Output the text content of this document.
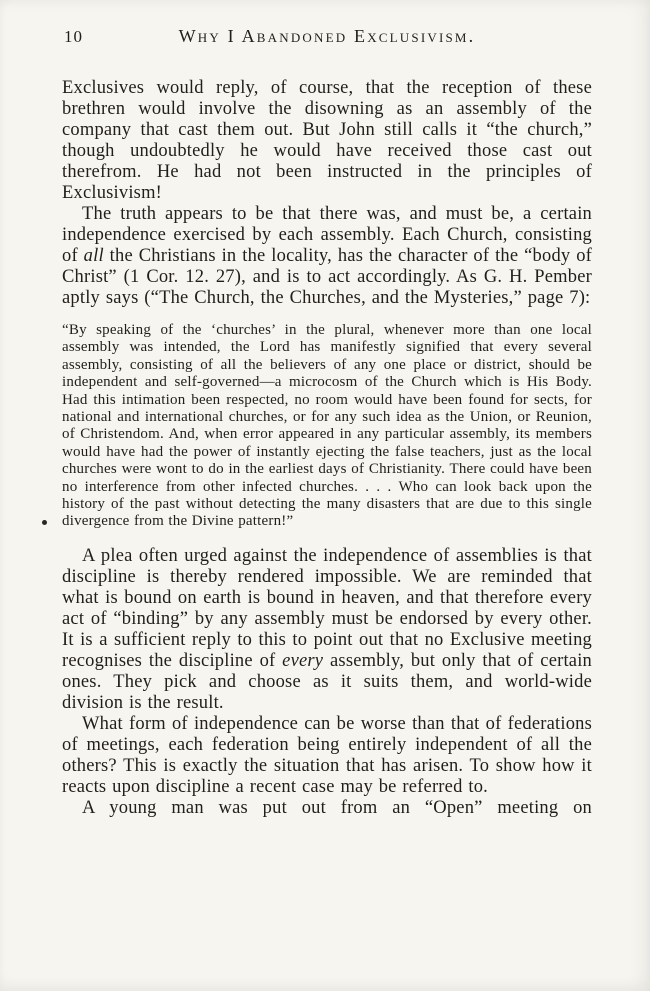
10	Why I Abandoned Exclusivism.

Exclusives would reply, of course, that the reception of these brethren would involve the disowning as an assembly of the company that cast them out. But John still calls it “the church,” though undoubtedly he would have received those cast out therefrom. He had not been instructed in the principles of Exclusivism!

The truth appears to be that there was, and must be, a certain independence exercised by each assembly. Each Church, consisting of all the Christians in the locality, has the character of the “body of Christ” (1 Cor. 12. 27), and is to act accordingly. As G. H. Pember aptly says (“The Church, the Churches, and the Mysteries,” page 7):

“By speaking of the ‘churches’ in the plural, whenever more than one local assembly was intended, the Lord has manifestly signified that every several assembly, consisting of all the believers of any one place or district, should be independent and self-governed—a microcosm of the Church which is His Body. Had this intimation been respected, no room would have been found for sects, for national and international churches, or for any such idea as the Union, or Reunion, of Christendom. And, when error appeared in any particular assembly, its members would have had the power of instantly ejecting the false teachers, just as the local churches were wont to do in the earliest days of Christianity. There could have been no interference from other infected churches. . . . Who can look back upon the history of the past without detecting the many disasters that are due to this single divergence from the Divine pattern!”

A plea often urged against the independence of assemblies is that discipline is thereby rendered impossible. We are reminded that what is bound on earth is bound in heaven, and that therefore every act of “binding” by any assembly must be endorsed by every other. It is a sufficient reply to this to point out that no Exclusive meeting recognises the discipline of every assembly, but only that of certain ones. They pick and choose as it suits them, and world-wide division is the result.

What form of independence can be worse than that of federations of meetings, each federation being entirely independent of all the others? This is exactly the situation that has arisen. To show how it reacts upon discipline a recent case may be referred to.

A young man was put out from an “Open” meeting on
